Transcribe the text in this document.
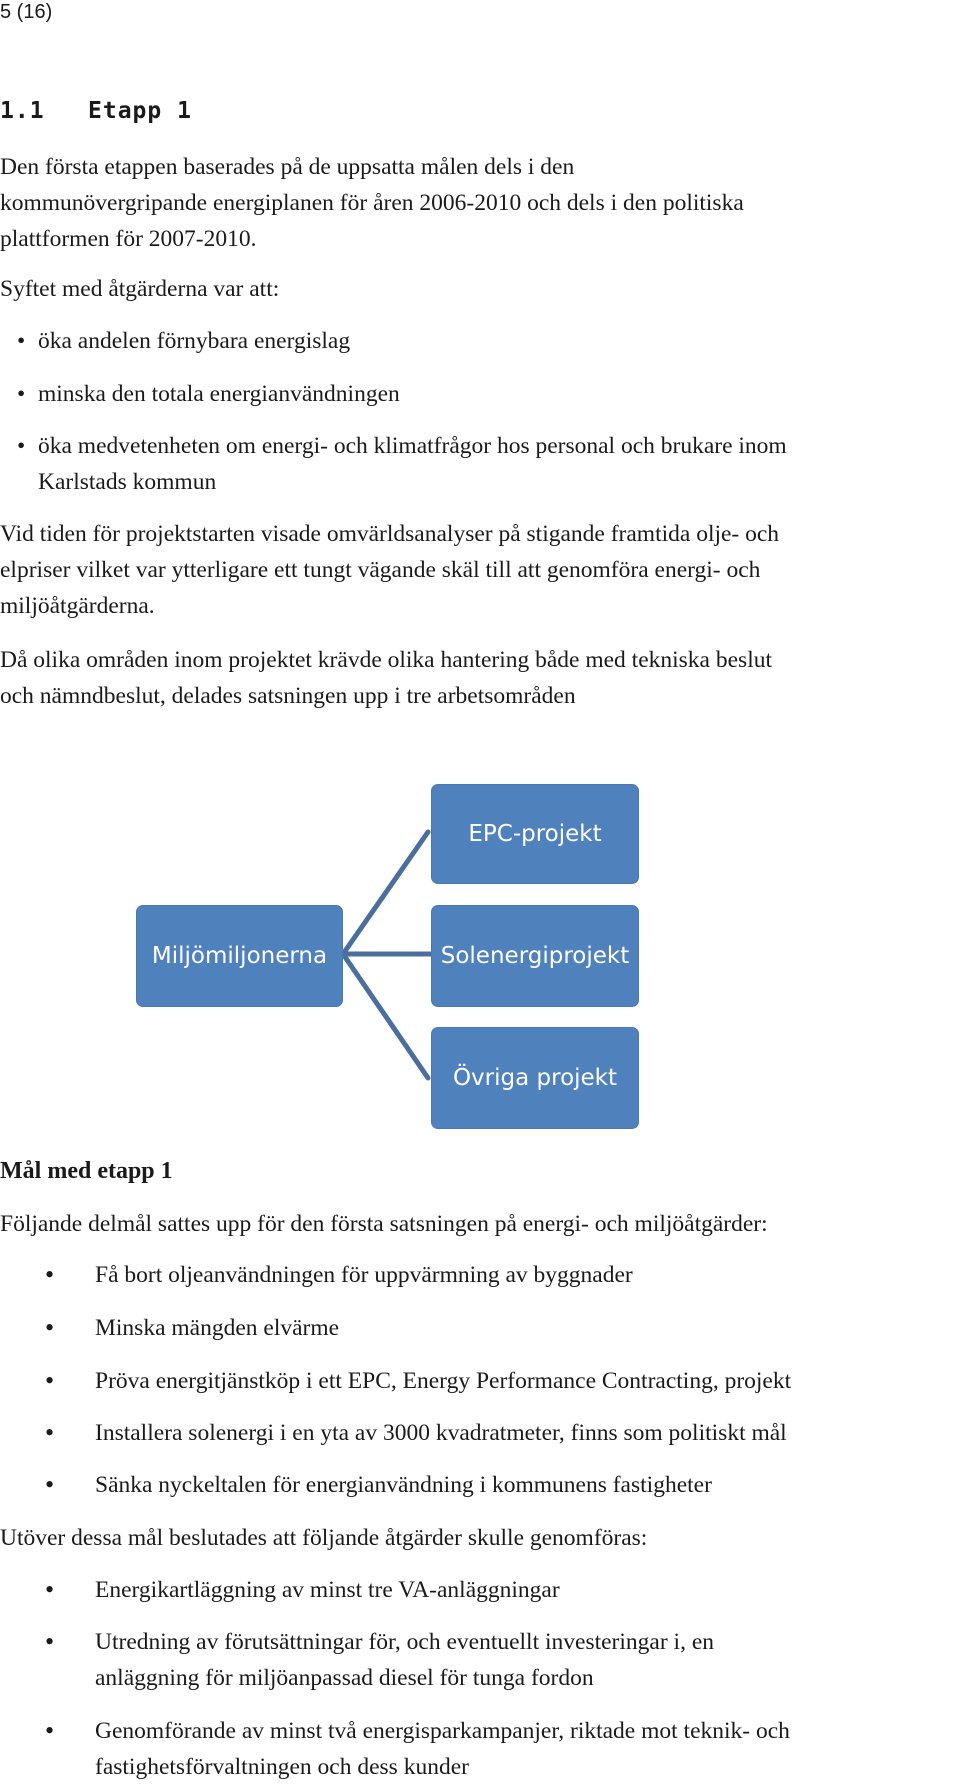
5 (16)
1.1 Etapp 1
Den första etappen baserades på de uppsatta målen dels i den
kommunövergripande energiplanen för åren 2006-2010 och dels i den politiska
plattformen för 2007-2010.
Syftet med åtgärderna var att:
• öka andelen förnybara energislag
• minska den totala energianvändningen
• öka medvetenheten om energi- och klimatfrågor hos personal och brukare inom
Karlstads kommun
Vid tiden för projektstarten visade omvärldsanalyser på stigande framtida olje- och
elpriser vilket var ytterligare ett tungt vägande skäl till att genomföra energi- och
miljöåtgärderna.
Då olika områden inom projektet krävde olika hantering både med tekniska beslut
och nämndbeslut, delades satsningen upp i tre arbetsområden
Miljömiljonerna
EPC-projekt
Solenergiprojekt
Övriga projekt
Mål med etapp 1
Följande delmål sattes upp för den första satsningen på energi- och miljöåtgärder:
• Få bort oljeanvändningen för uppvärmning av byggnader
• Minska mängden elvärme
• Pröva energitjänstköp i ett EPC, Energy Performance Contracting, projekt
• Installera solenergi i en yta av 3000 kvadratmeter, finns som politiskt mål
• Sänka nyckeltalen för energianvändning i kommunens fastigheter
Utöver dessa mål beslutades att följande åtgärder skulle genomföras:
• Energikartläggning av minst tre VA-anläggningar
• Utredning av förutsättningar för, och eventuellt investeringar i, en
anläggning för miljöanpassad diesel för tunga fordon
• Genomförande av minst två energisparkampanjer, riktade mot teknik- och
fastighetsförvaltningen och dess kunder
